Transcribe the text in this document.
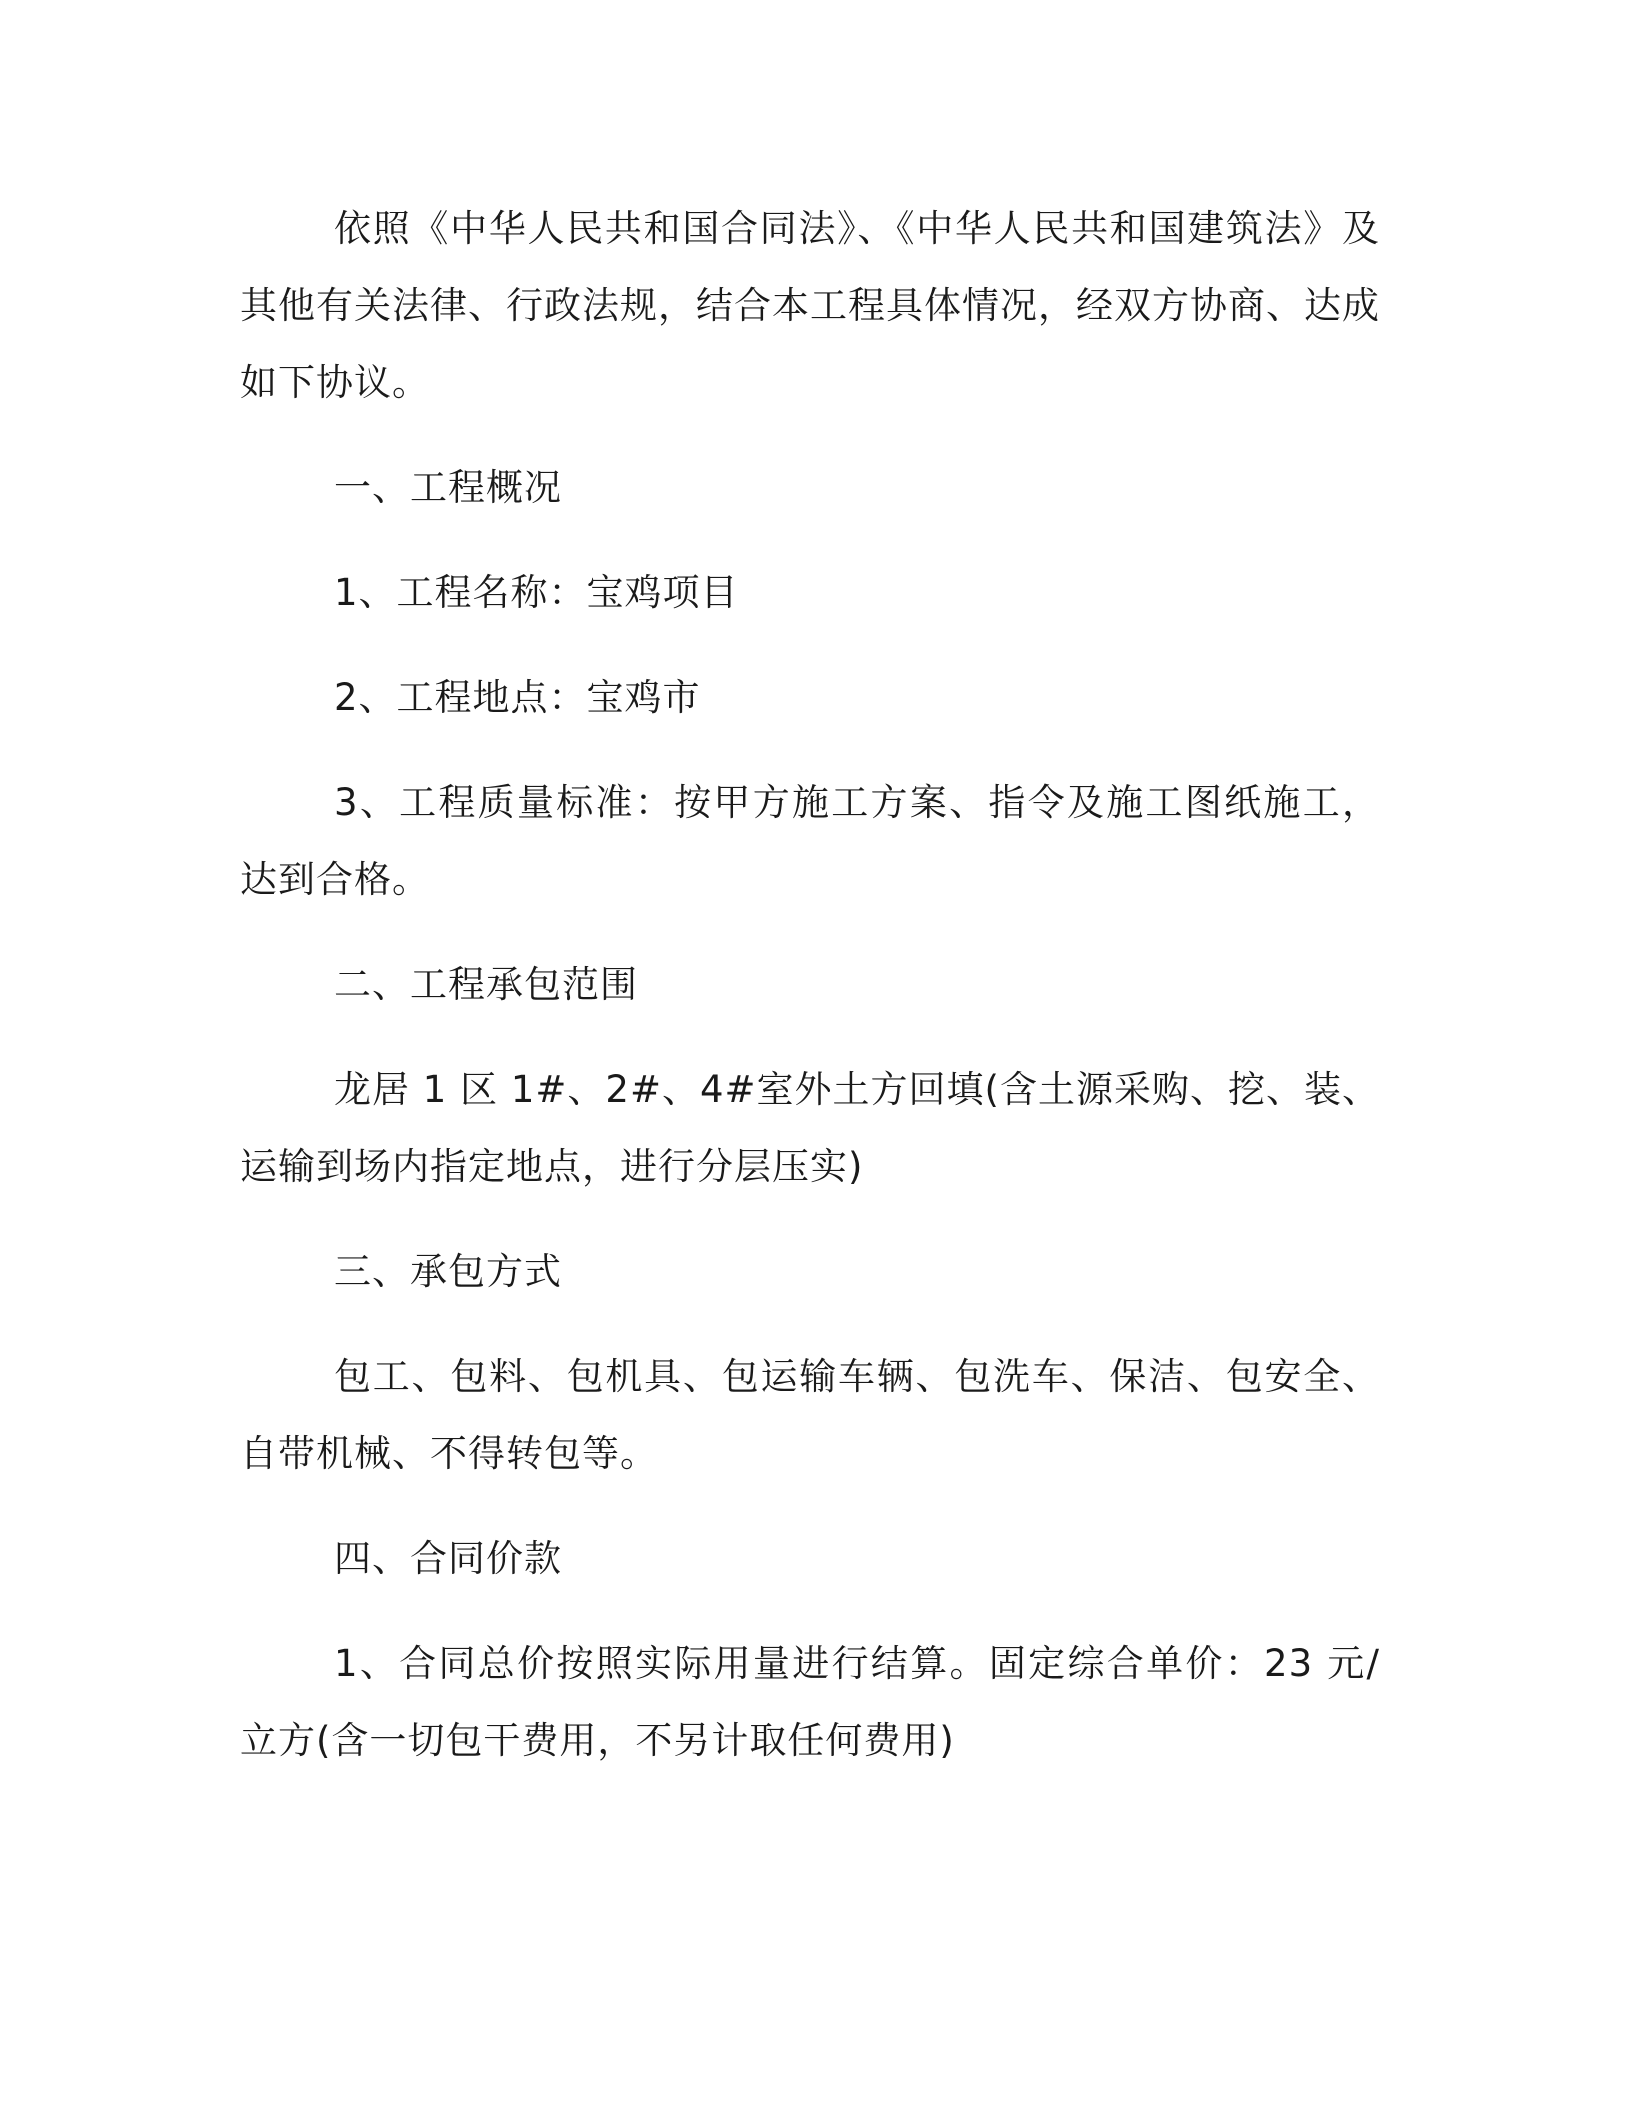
依照《中华人民共和国合同法》、《中华人民共和国建筑法》及其他有关法律、行政法规，结合本工程具体情况，经双方协商、达成如下协议。

一、工程概况

1、工程名称：宝鸡项目

2、工程地点：宝鸡市

3、工程质量标准：按甲方施工方案、指令及施工图纸施工，达到合格。

二、工程承包范围

龙居 1 区 1#、2#、4#室外土方回填(含土源采购、挖、装、运输到场内指定地点，进行分层压实)

三、承包方式

包工、包料、包机具、包运输车辆、包洗车、保洁、包安全、自带机械、不得转包等。

四、合同价款

1、合同总价按照实际用量进行结算。固定综合单价：23 元/立方(含一切包干费用，不另计取任何费用)
